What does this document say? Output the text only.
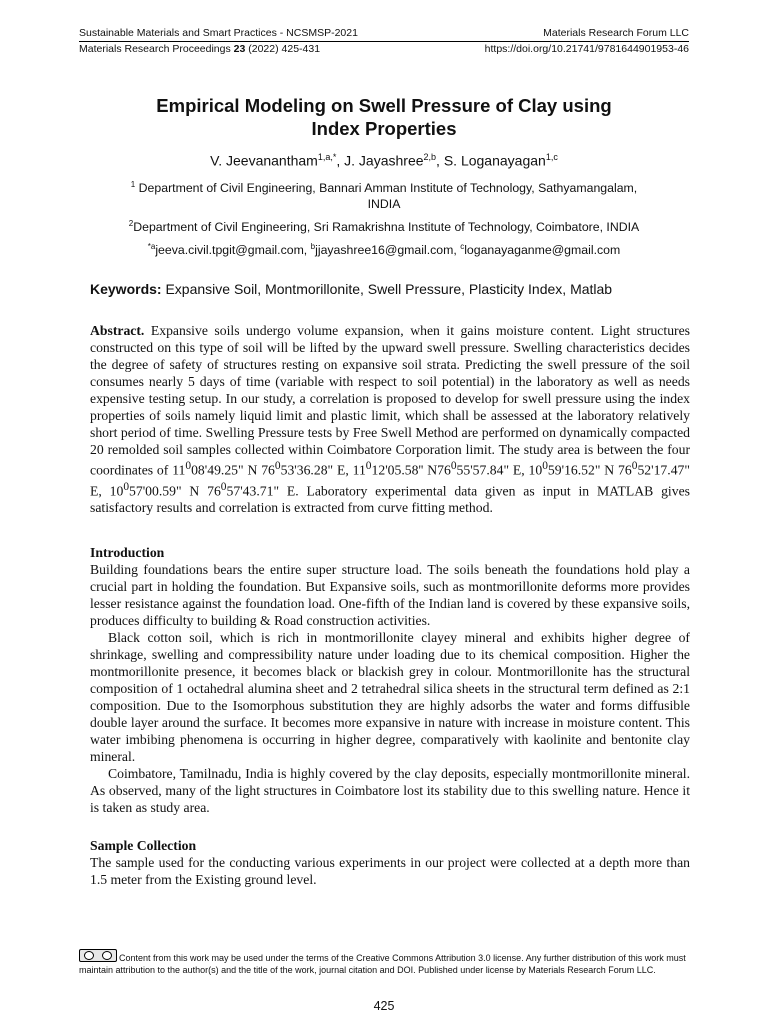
Sustainable Materials and Smart Practices - NCSMSP-2021	Materials Research Forum LLC
Materials Research Proceedings 23 (2022) 425-431	https://doi.org/10.21741/9781644901953-46
Empirical Modeling on Swell Pressure of Clay using
Index Properties
V. Jeevanantham$^{1,a,*}$, J. Jayashree$^{2,b}$, S. Loganayagan$^{1,c}$
$^1$ Department of Civil Engineering, Bannari Amman Institute of Technology, Sathyamangalam,
INDIA
$^2$Department of Civil Engineering, Sri Ramakrishna Institute of Technology, Coimbatore, INDIA
$^{*a}$jeeva.civil.tpgit@gmail.com, $^b$jjayashree16@gmail.com, $^c$loganayaganme@gmail.com
Keywords: Expansive Soil, Montmorillonite, Swell Pressure, Plasticity Index, Matlab

Abstract. Expansive soils undergo volume expansion, when it gains moisture content. Light structures constructed on this type of soil will be lifted by the upward swell pressure. Swelling characteristics decides the degree of safety of structures resting on expansive soil strata. Predicting the swell pressure of the soil consumes nearly 5 days of time (variable with respect to soil potential) in the laboratory as well as needs expensive testing setup. In our study, a correlation is proposed to develop for swell pressure using the index properties of soils namely liquid limit and plastic limit, which shall be assessed at the laboratory relatively short period of time. Swelling Pressure tests by Free Swell Method are performed on dynamically compacted 20 remolded soil samples collected within Coimbatore Corporation limit. The study area is between the four coordinates of $11^008'49.25$" N $76^053'36.28$" E, $11^012'05.58''$ $N76^055'57.84$" E, $10^059'16.52$" N $76^052'17.47$" E, $10^057'00.59$" N $76^057'43.71$" E. Laboratory experimental data given as input in MATLAB gives satisfactory results and correlation is extracted from curve fitting method.

Introduction

Building foundations bears the entire super structure load. The soils beneath the foundations hold play a crucial part in holding the foundation. But Expansive soils, such as montmorillonite deforms more provides lesser resistance against the foundation load. One-fifth of the Indian land is covered by these expansive soils, produces difficulty to building & Road construction activities.

Black cotton soil, which is rich in montmorillonite clayey mineral and exhibits higher degree of shrinkage, swelling and compressibility nature under loading due to its chemical composition. Higher the montmorillonite presence, it becomes black or blackish grey in colour. Montmorillonite has the structural composition of 1 octahedral alumina sheet and 2 tetrahedral silica sheets in the structural term defined as 2:1 composition. Due to the Isomorphous substitution they are highly adsorbs the water and forms diffusible double layer around the surface. It becomes more expansive in nature with increase in moisture content. This water imbibing phenomena is occurring in higher degree, comparatively with kaolinite and bentonite clay mineral.

Coimbatore, Tamilnadu, India is highly covered by the clay deposits, especially montmorillonite mineral. As observed, many of the light structures in Coimbatore lost its stability due to this swelling nature. Hence it is taken as study area.

Sample Collection

The sample used for the conducting various experiments in our project were collected at a depth more than 1.5 meter from the Existing ground level.

Content from this work may be used under the terms of the Creative Commons Attribution 3.0 license. Any further distribution of this work must maintain attribution to the author(s) and the title of the work, journal citation and DOI. Published under license by Materials Research Forum LLC.
425
